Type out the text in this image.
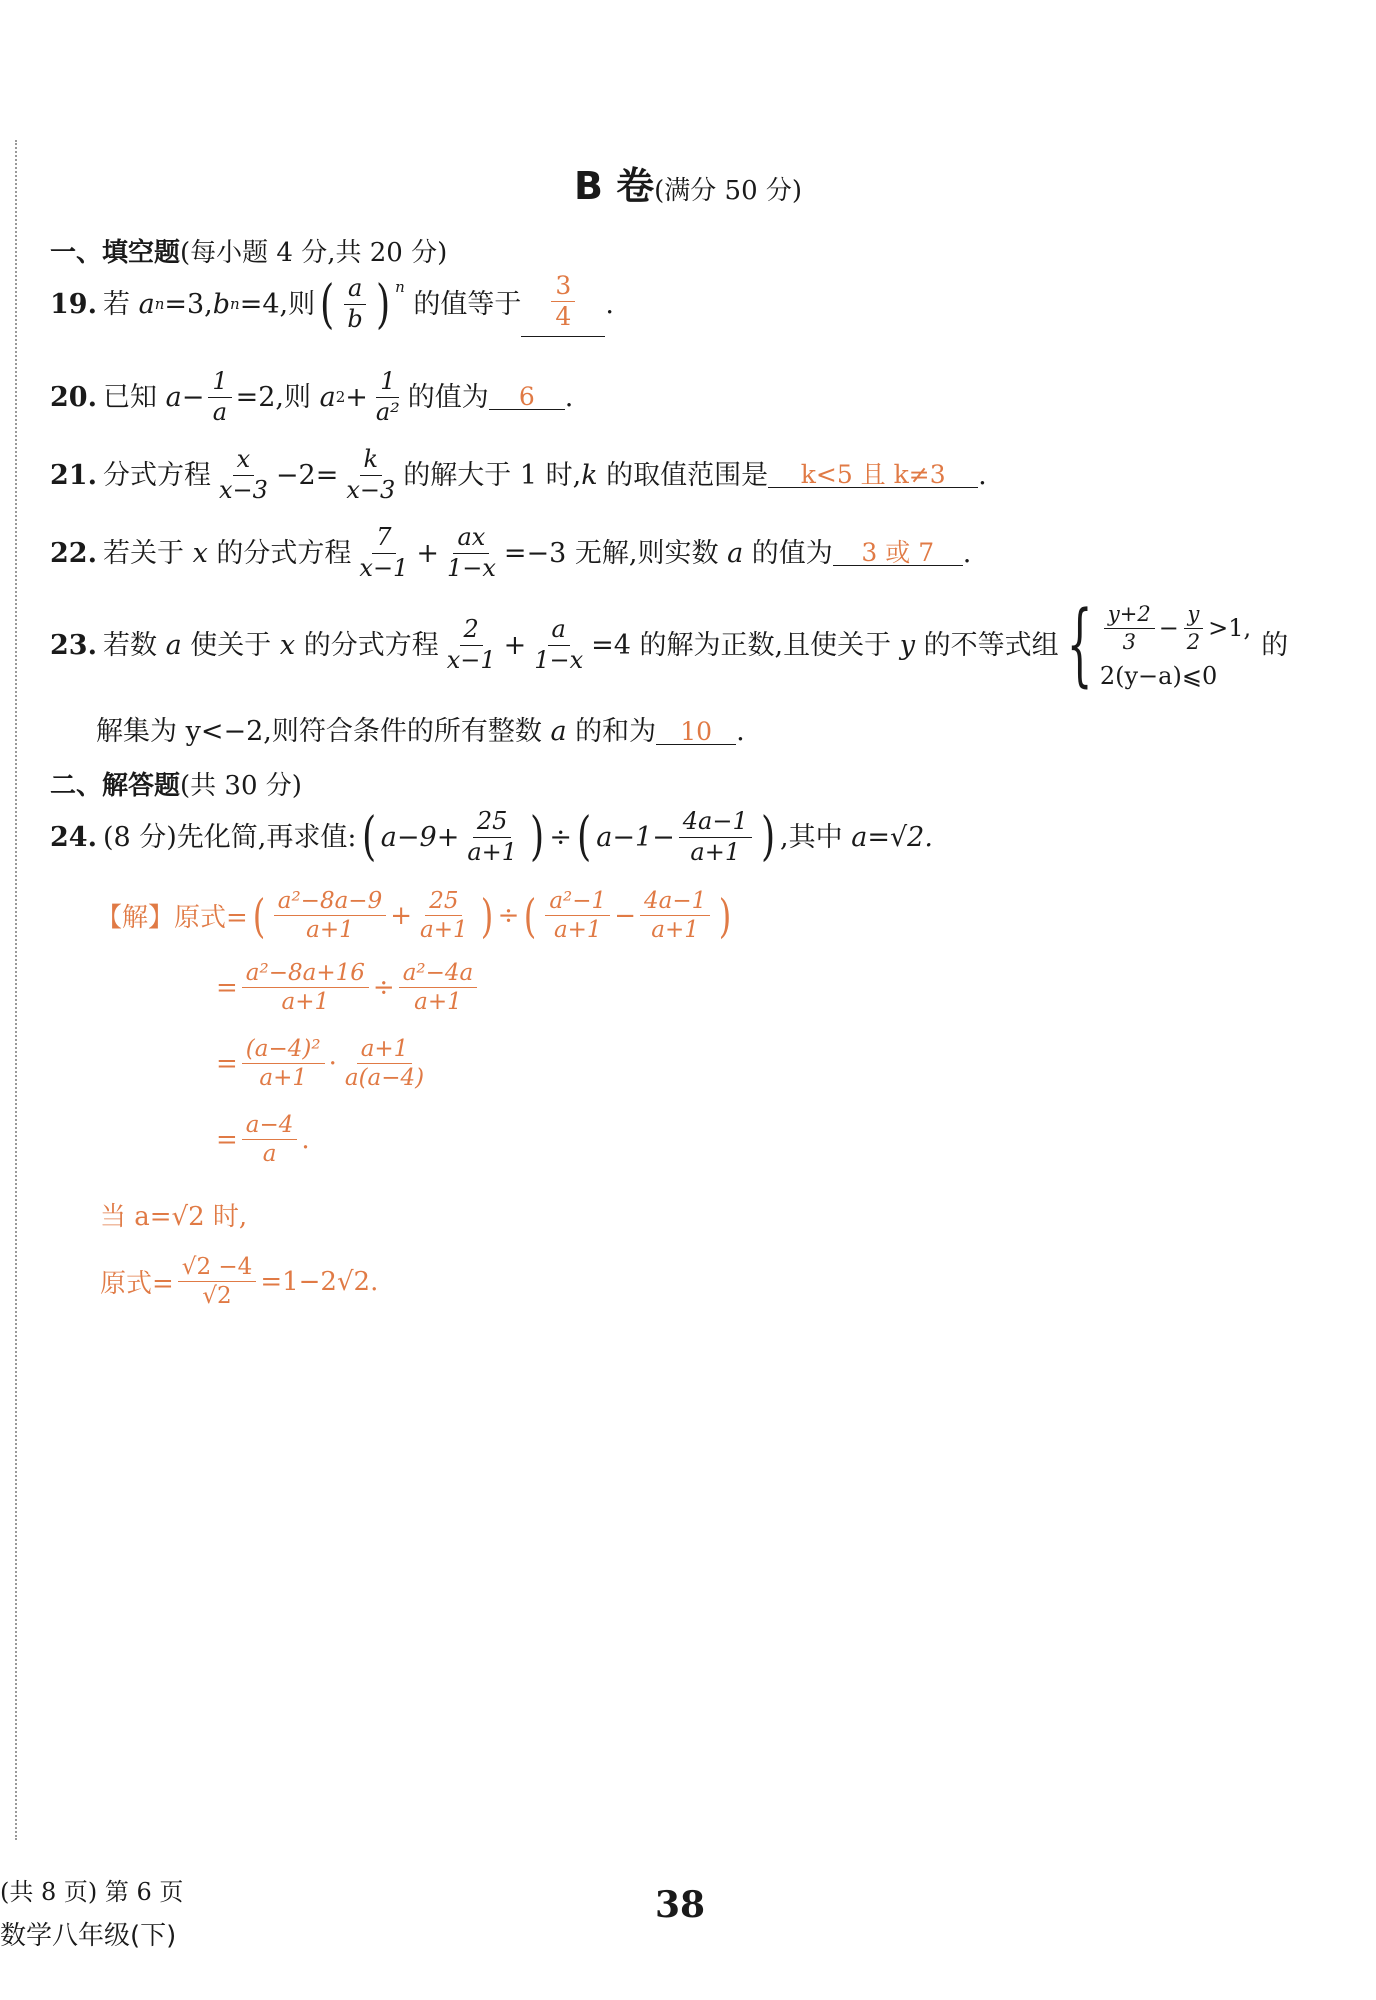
B 卷(满分 50 分)
一、填空题(每小题 4 分,共 20 分)
19. 若
a n =3, b n =4,则 ( $\frac{a}{b}$ ) $^n$

的值等于 $\frac{3}{4}$ .
20. 已知
$a - \frac{1}{a} =2$,则
a $2 + \frac{1}{\text{a²}}$ 的值为	6	.
21. 分式方程 $\frac{x}{x-3} -2= \frac{k}{x-3}$ 的解大于 1 时, k
的取值范围是	k<5 且 k≠3	.
22. 若关于
x
的分式方程 $\frac{7}{x-1} + \frac{ax}{1-x} =-3$ 无解,则实数
a
的值为	3 或 7	.
23. 若数
a
使关于
x
的分式方程 $\frac{2}{x-1} + \frac{a}{1-x} =4$ 的解为正数,且使关于
y
的不等式组 { $\frac{y+2}{3} - \frac{y}{2} >1$,
2(y−a)⩽0
的
解集为
y<−2,则符合条件的所有整数
a
的和为 10 .
二、解答题(共 30 分)
24. (8 分)先化简,再求值: ( $a-9+ \frac{25}{a+1}$ ) ÷ ( $a-1- \frac{4a-1}{a+1}$ ) ,其中
a=√2.
【解】原式= ( $\frac{\text{a²−8a−9}}{a+1} + \frac{25}{a+1}$ ) ÷ ( $\frac{\text{a²−1}}{a+1} - \frac{4a-1}{a+1}$ )
= $\frac{\text{a²−8a+16}}{a+1} \div \frac{\text{a²−4a}}{a+1}$
= $\frac{\text{(a−4)²}}{a+1} \cdot \frac{a+1}{a(a-4)}$
= $\frac{a-4}{a}$ .
当 a=√2 时,
原式= $\frac{√2 -4}{√2} =1-2√2$.
(共 8 页) 第 6 页
数学八年级(下)
38
